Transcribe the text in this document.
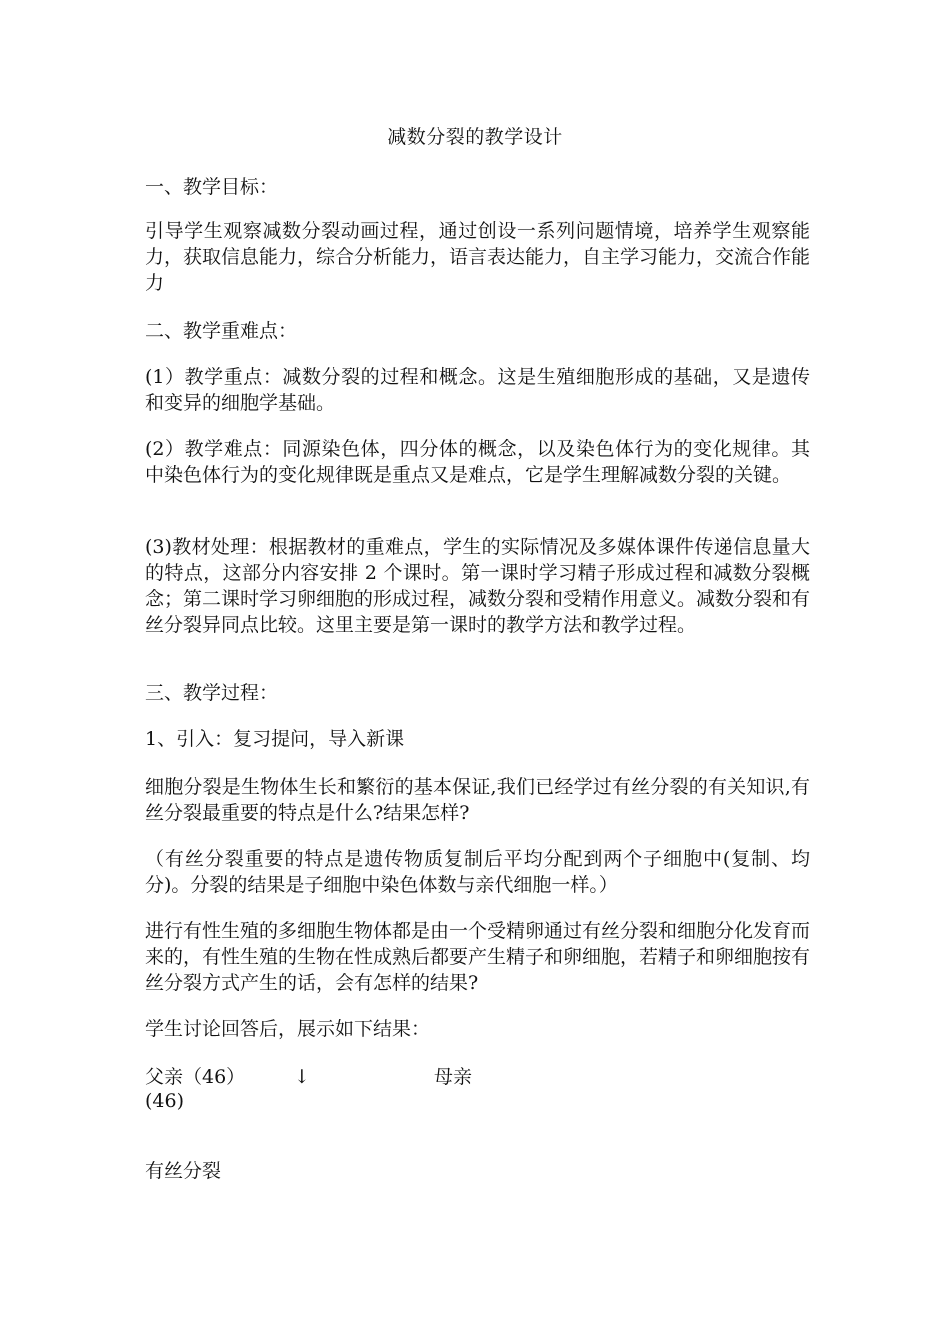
减数分裂的教学设计
一、教学目标：
引导学生观察减数分裂动画过程，通过创设一系列问题情境，培养学生观察能力，获取信息能力，综合分析能力，语言表达能力，自主学习能力，交流合作能力
二、教学重难点：
(1）教学重点：减数分裂的过程和概念。这是生殖细胞形成的基础，又是遗传和变异的细胞学基础。
(2）教学难点：同源染色体，四分体的概念，以及染色体行为的变化规律。其中染色体行为的变化规律既是重点又是难点，它是学生理解减数分裂的关键。
(3)教材处理：根据教材的重难点，学生的实际情况及多媒体课件传递信息量大的特点，这部分内容安排 2 个课时。第一课时学习精子形成过程和减数分裂概念；第二课时学习卵细胞的形成过程，减数分裂和受精作用意义。减数分裂和有丝分裂异同点比较。这里主要是第一课时的教学方法和教学过程。
三、教学过程：
1、引入：复习提问，导入新课
细胞分裂是生物体生长和繁衍的基本保证,我们已经学过有丝分裂的有关知识,有丝分裂最重要的特点是什么?结果怎样?
（有丝分裂重要的特点是遗传物质复制后平均分配到两个子细胞中(复制、均分)。分裂的结果是子细胞中染色体数与亲代细胞一样。）
进行有性生殖的多细胞生物体都是由一个受精卵通过有丝分裂和细胞分化发育而来的，有性生殖的生物在性成熟后都要产生精子和卵细胞，若精子和卵细胞按有丝分裂方式产生的话，会有怎样的结果?
学生讨论回答后，展示如下结果：
父亲（46）	↓	母亲
(46)
有丝分裂
